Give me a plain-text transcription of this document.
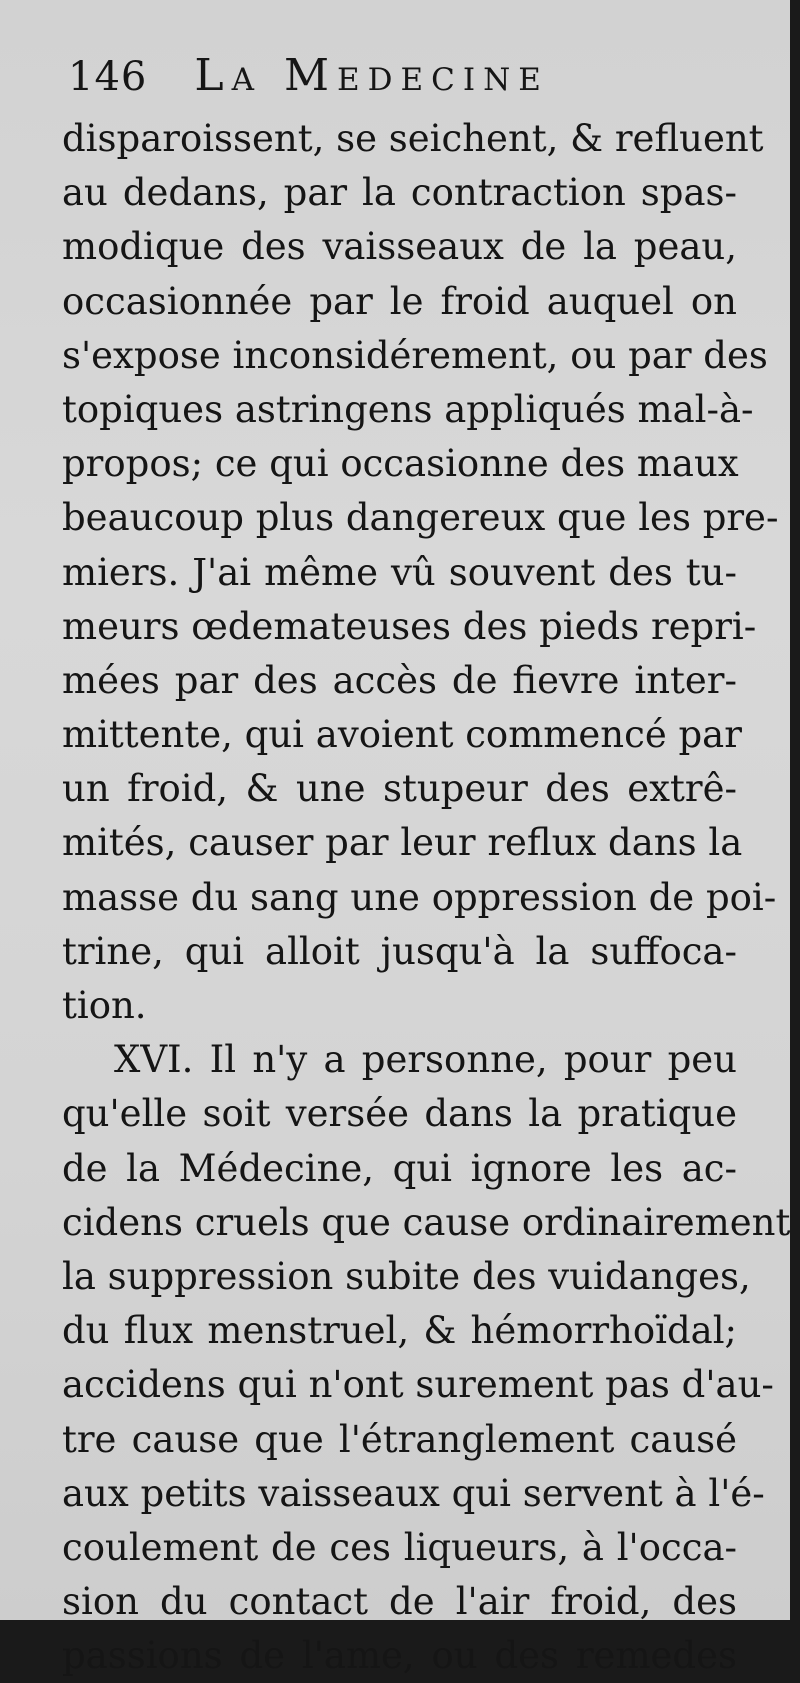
146 La Medecine
disparoissent, se seichent, & refluent
au dedans, par la contraction spas-
modique des vaisseaux de la peau,
occasionnée par le froid auquel on
s'expose inconsidérement, ou par des
topiques astringens appliqués mal-à-
propos; ce qui occasionne des maux
beaucoup plus dangereux que les pre-
miers. J'ai même vû souvent des tu-
meurs œdemateuses des pieds repri-
mées par des accès de fievre inter-
mittente, qui avoient commencé par
un froid, & une stupeur des extrê-
mités, causer par leur reflux dans la
masse du sang une oppression de poi-
trine, qui alloit jusqu'à la suffoca-
tion.
XVI. Il n'y a personne, pour peu
qu'elle soit versée dans la pratique
de la Médecine, qui ignore les ac-
cidens cruels que cause ordinairement
la suppression subite des vuidanges,
du flux menstruel, & hémorrhoïdal;
accidens qui n'ont surement pas d'au-
tre cause que l'étranglement causé
aux petits vaisseaux qui servent à l'é-
coulement de ces liqueurs, à l'occa-
sion du contact de l'air froid, des
passions de l'ame, ou des remedes
